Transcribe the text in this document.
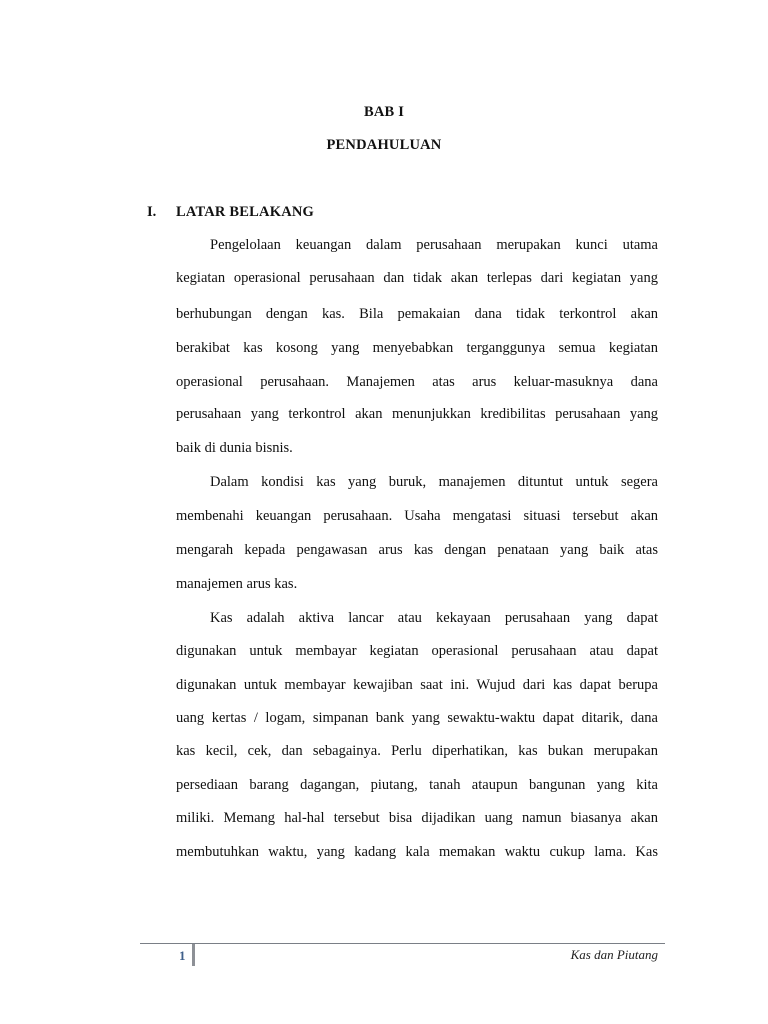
BAB I
PENDAHULUAN
I. LATAR BELAKANG
Pengelolaan keuangan dalam perusahaan merupakan kunci utama
kegiatan operasional perusahaan dan tidak akan terlepas dari kegiatan yang
berhubungan dengan kas. Bila pemakaian dana tidak terkontrol akan
berakibat kas kosong yang menyebabkan terganggunya semua kegiatan
operasional perusahaan. Manajemen atas arus keluar-masuknya dana
perusahaan yang terkontrol akan menunjukkan kredibilitas perusahaan yang
baik di dunia bisnis.
Dalam kondisi kas yang buruk, manajemen dituntut untuk segera
membenahi keuangan perusahaan. Usaha mengatasi situasi tersebut akan
mengarah kepada pengawasan arus kas dengan penataan yang baik atas
manajemen arus kas.
Kas adalah aktiva lancar atau kekayaan perusahaan yang dapat
digunakan untuk membayar kegiatan operasional perusahaan atau dapat
digunakan untuk membayar kewajiban saat ini. Wujud dari kas dapat berupa
uang kertas / logam, simpanan bank yang sewaktu-waktu dapat ditarik, dana
kas kecil, cek, dan sebagainya. Perlu diperhatikan, kas bukan merupakan
persediaan barang dagangan, piutang, tanah ataupun bangunan yang kita
miliki. Memang hal-hal tersebut bisa dijadikan uang namun biasanya akan
membutuhkan waktu, yang kadang kala memakan waktu cukup lama. Kas
1	Kas dan Piutang
